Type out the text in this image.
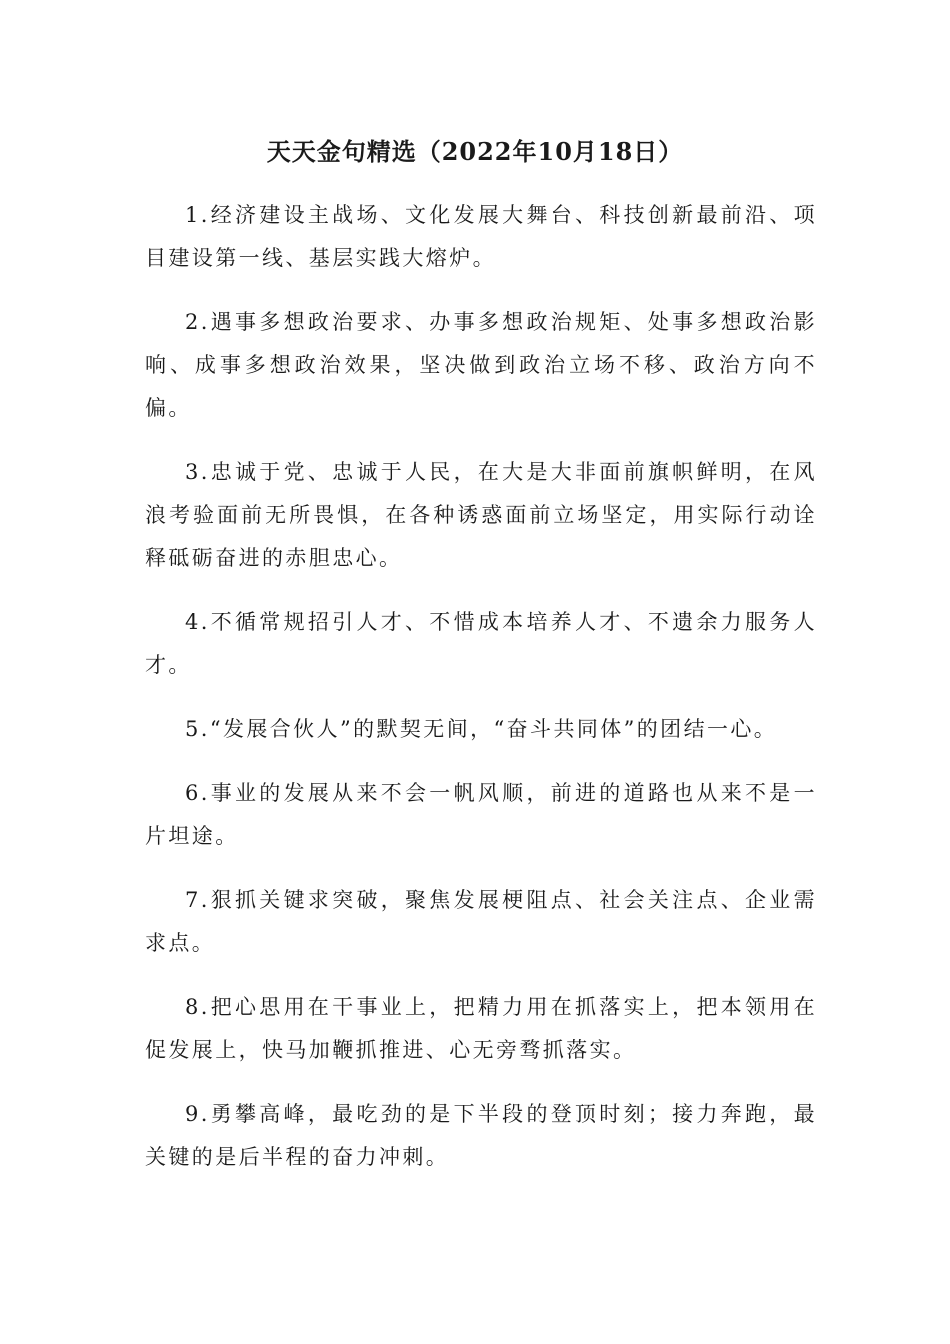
天天金句精选（2022年10月18日）

1.经济建设主战场、文化发展大舞台、科技创新最前沿、项目建设第一线、基层实践大熔炉。

2.遇事多想政治要求、办事多想政治规矩、处事多想政治影响、成事多想政治效果，坚决做到政治立场不移、政治方向不偏。

3.忠诚于党、忠诚于人民，在大是大非面前旗帜鲜明，在风浪考验面前无所畏惧，在各种诱惑面前立场坚定，用实际行动诠释砥砺奋进的赤胆忠心。

4.不循常规招引人才、不惜成本培养人才、不遗余力服务人才。

5.“发展合伙人”的默契无间，“奋斗共同体”的团结一心。

6.事业的发展从来不会一帆风顺，前进的道路也从来不是一片坦途。

7.狠抓关键求突破，聚焦发展梗阻点、社会关注点、企业需求点。

8.把心思用在干事业上，把精力用在抓落实上，把本领用在促发展上，快马加鞭抓推进、心无旁骛抓落实。

9.勇攀高峰，最吃劲的是下半段的登顶时刻；接力奔跑，最关键的是后半程的奋力冲刺。
